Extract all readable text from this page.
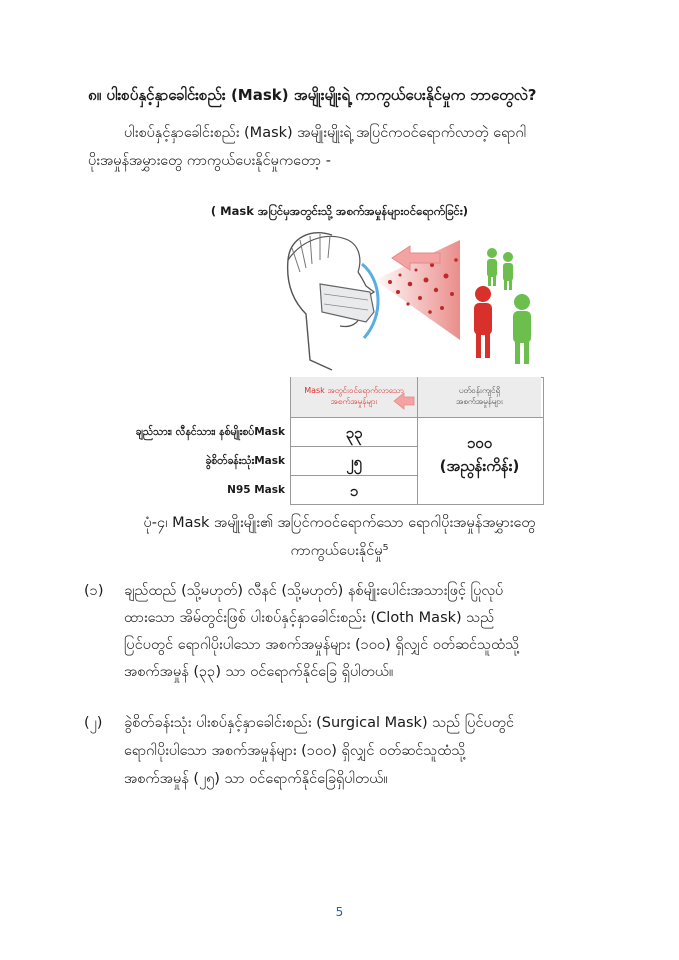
၈။ ပါးစပ်နှင့်နှာခေါင်းစည်း (Mask) အမျိုးမျိုးရဲ့ ကာကွယ်ပေးနိုင်မှုက ဘာတွေလဲ?
ပါးစပ်နှင့်နှာခေါင်းစည်း (Mask) အမျိုးမျိုးရဲ့ အပြင်ကဝင်ရောက်လာတဲ့ ရောဂါ
ပိုးအမှုန်အမွှားတွေ ကာကွယ်ပေးနိုင်မှုကတော့ -
( Mask အပြင်မှအတွင်းသို့ အစက်အမှုန်များဝင်ရောက်ခြင်း)
Mask အတွင်းဝင်ရောက်လာသော
အစက်အမှုန်များ
ပတ်ဝန်းကျင်ရှိ
အစက်အမှုန်များ
ချည်သား၊ လီနင်သား၊ နစ်မျိုးစပ်Mask	၃၃
ခွဲစိတ်ခန်းသုံးMask	၂၅
N95 Mask	၁
၁၀၀
(အညွန်းကိန်း)
ပုံ-၄၊ Mask အမျိုးမျိုး၏ အပြင်ကဝင်ရောက်သော ရောဂါပိုးအမှုန်အမွှားတွေ
ကာကွယ်ပေးနိုင်မှု⁵
(၁) ချည်ထည် (သို့မဟုတ်) လီနင် (သို့မဟုတ်) နစ်မျိုးပေါင်းအသားဖြင့် ပြုလုပ်
ထားသော အိမ်တွင်းဖြစ် ပါးစပ်နှင့်နှာခေါင်းစည်း (Cloth Mask) သည်
ပြင်ပတွင် ရောဂါပိုးပါသော အစက်အမှုန်များ (၁၀၀) ရှိလျှင် ဝတ်ဆင်သူထံသို့
အစက်အမှုန် (၃၃) သာ ဝင်ရောက်နိုင်ခြေ ရှိပါတယ်။
(၂) ခွဲစိတ်ခန်းသုံး ပါးစပ်နှင့်နှာခေါင်းစည်း (Surgical Mask) သည် ပြင်ပတွင်
ရောဂါပိုးပါသော အစက်အမှုန်များ (၁၀၀) ရှိလျှင် ဝတ်ဆင်သူထံသို့
အစက်အမှုန် (၂၅) သာ ဝင်ရောက်နိုင်ခြေရှိပါတယ်။
5
